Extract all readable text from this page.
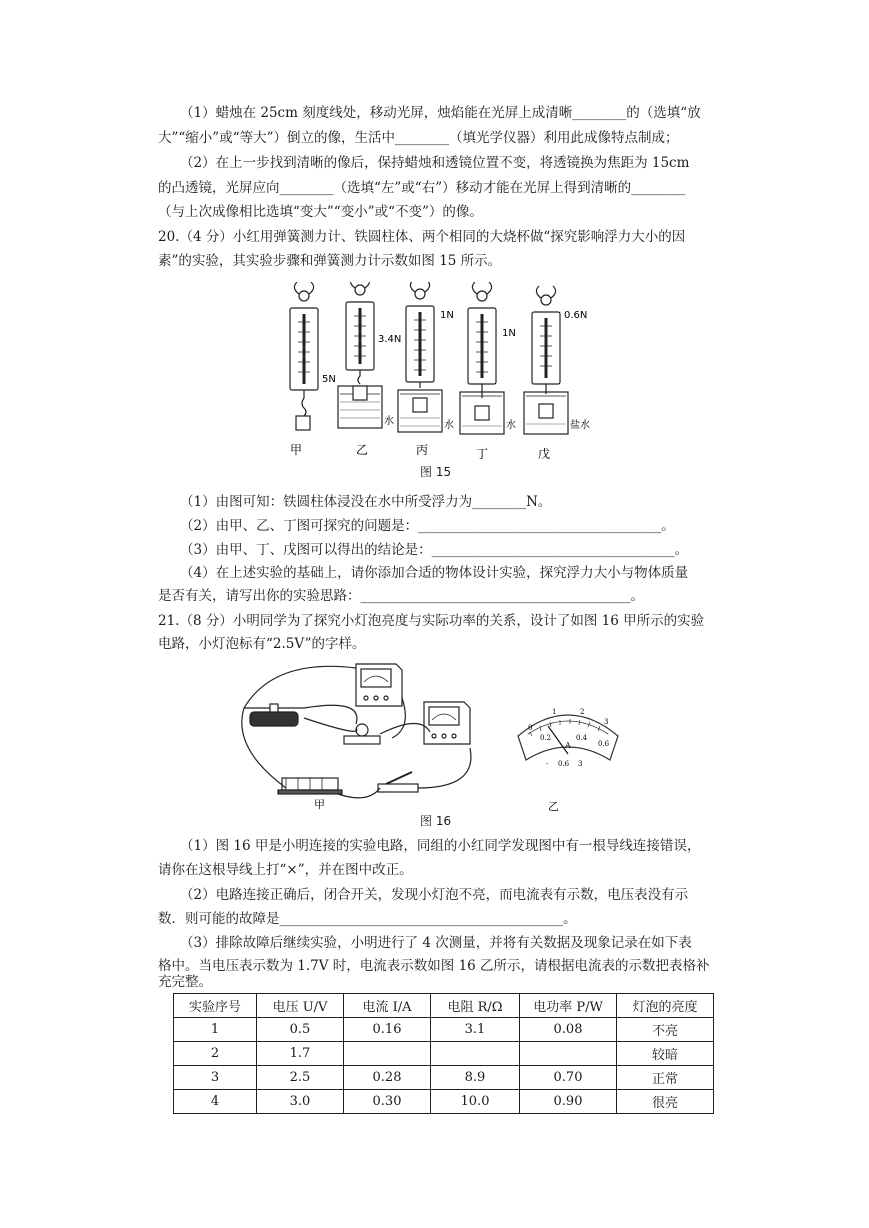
（1）蜡烛在 25cm 刻度线处，移动光屏，烛焰能在光屏上成清晰________的（选填“放
大”“缩小”或“等大”）倒立的像，生活中________（填光学仪器）利用此成像特点制成；
（2）在上一步找到清晰的像后，保持蜡烛和透镜位置不变，将透镜换为焦距为 15cm
的凸透镜，光屏应向________（选填“左”或“右”）移动才能在光屏上得到清晰的________
（与上次成像相比选填“变大”“变小”或“不变”）的像。
20.（4 分）小红用弹簧测力计、铁圆柱体、两个相同的大烧杯做“探究影响浮力大小的因
素”的实验，其实验步骤和弹簧测力计示数如图 15 所示。
5N
3.4N
1N
1N
0.6N
水	水	水	盐水
甲	乙	丙	丁	戊
图 15
（1）由图可知：铁圆柱体浸没在水中所受浮力为________N。
（2）由甲、乙、丁图可探究的问题是：____________________________________。
（3）由甲、丁、戊图可以得出的结论是：____________________________________。
（4）在上述实验的基础上，请你添加合适的物体设计实验，探究浮力大小与物体质量
是否有关，请写出你的实验思路：________________________________________。
21.（8 分）小明同学为了探究小灯泡亮度与实际功率的关系，设计了如图 16 甲所示的实验
电路，小灯泡标有“2.5V”的字样。
甲
0
0.2	0.4
0.6
1	2
3
A
- 0.6 3
乙
图 16
（1）图 16 甲是小明连接的实验电路，同组的小红同学发现图中有一根导线连接错误，
请你在这根导线上打“×”，并在图中改正。
（2）电路连接正确后，闭合开关，发现小灯泡不亮，而电流表有示数，电压表没有示
数．则可能的故障是__________________________________________。
（3）排除故障后继续实验，小明进行了 4 次测量，并将有关数据及现象记录在如下表
格中。当电压表示数为 1.7V 时，电流表示数如图 16 乙所示，请根据电流表的示数把表格补
充完整。
实验序号	电压 U/V	电流 I/A	电阻 R/Ω	电功率 P/W	灯泡的亮度
1	0.5	0.16	3.1	0.08	不亮
2	1.7				较暗
3	2.5	0.28	8.9	0.70	正常
4	3.0	0.30	10.0	0.90	很亮
